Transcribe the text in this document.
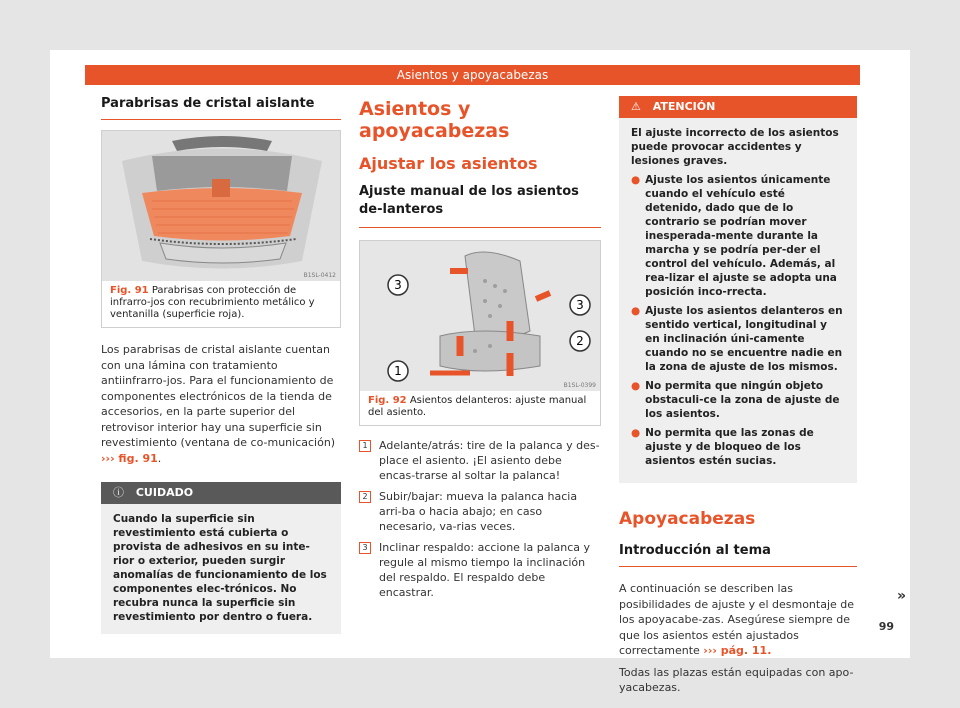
Asientos y apoyacabezas
Parabrisas de cristal aislante
B1SL-0412
Fig. 91 Parabrisas con protección de infrarro-jos con recubrimiento metálico y ventanilla (superficie roja).
Los parabrisas de cristal aislante cuentan con una lámina con tratamiento antiinfrarro-jos. Para el funcionamiento de componentes electrónicos de la tienda de accesorios, en la parte superior del retrovisor interior hay una superficie sin revestimiento (ventana de co-municación) ››› fig. 91.
ⓘ CUIDADO
Cuando la superficie sin revestimiento está cubierta o provista de adhesivos en su inte-rior o exterior, pueden surgir anomalías de funcionamiento de los componentes elec-trónicos. No recubra nunca la superficie sin revestimiento por dentro o fuera.
Asientos y apoyacabezas
Ajustar los asientos
Ajuste manual de los asientos de-lanteros
3
3
2
1
B1SL-0399
Fig. 92 Asientos delanteros: ajuste manual del asiento.
1	Adelante/atrás: tire de la palanca y des-place el asiento. ¡El asiento debe encas-trarse al soltar la palanca!
2	Subir/bajar: mueva la palanca hacia arri-ba o hacia abajo; en caso necesario, va-rias veces.
3	Inclinar respaldo: accione la palanca y regule al mismo tiempo la inclinación del respaldo. El respaldo debe encastrar.
⚠ ATENCIÓN

El ajuste incorrecto de los asientos puede provocar accidentes y lesiones graves.

● Ajuste los asientos únicamente cuando el vehículo esté detenido, dado que de lo contrario se podrían mover inesperada-mente durante la marcha y se podría per-der el control del vehículo. Además, al rea-lizar el ajuste se adopta una posición inco-rrecta.
● Ajuste los asientos delanteros en sentido vertical, longitudinal y en inclinación úni-camente cuando no se encuentre nadie en la zona de ajuste de los mismos.
● No permita que ningún objeto obstaculi-ce la zona de ajuste de los asientos.
● No permita que las zonas de ajuste y de bloqueo de los asientos estén sucias.
Apoyacabezas
Introducción al tema
A continuación se describen las posibilidades de ajuste y el desmontaje de los apoyacabe-zas. Asegúrese siempre de que los asientos estén ajustados correctamente ››› pág. 11.
Todas las plazas están equipadas con apo-yacabezas.
»
99
